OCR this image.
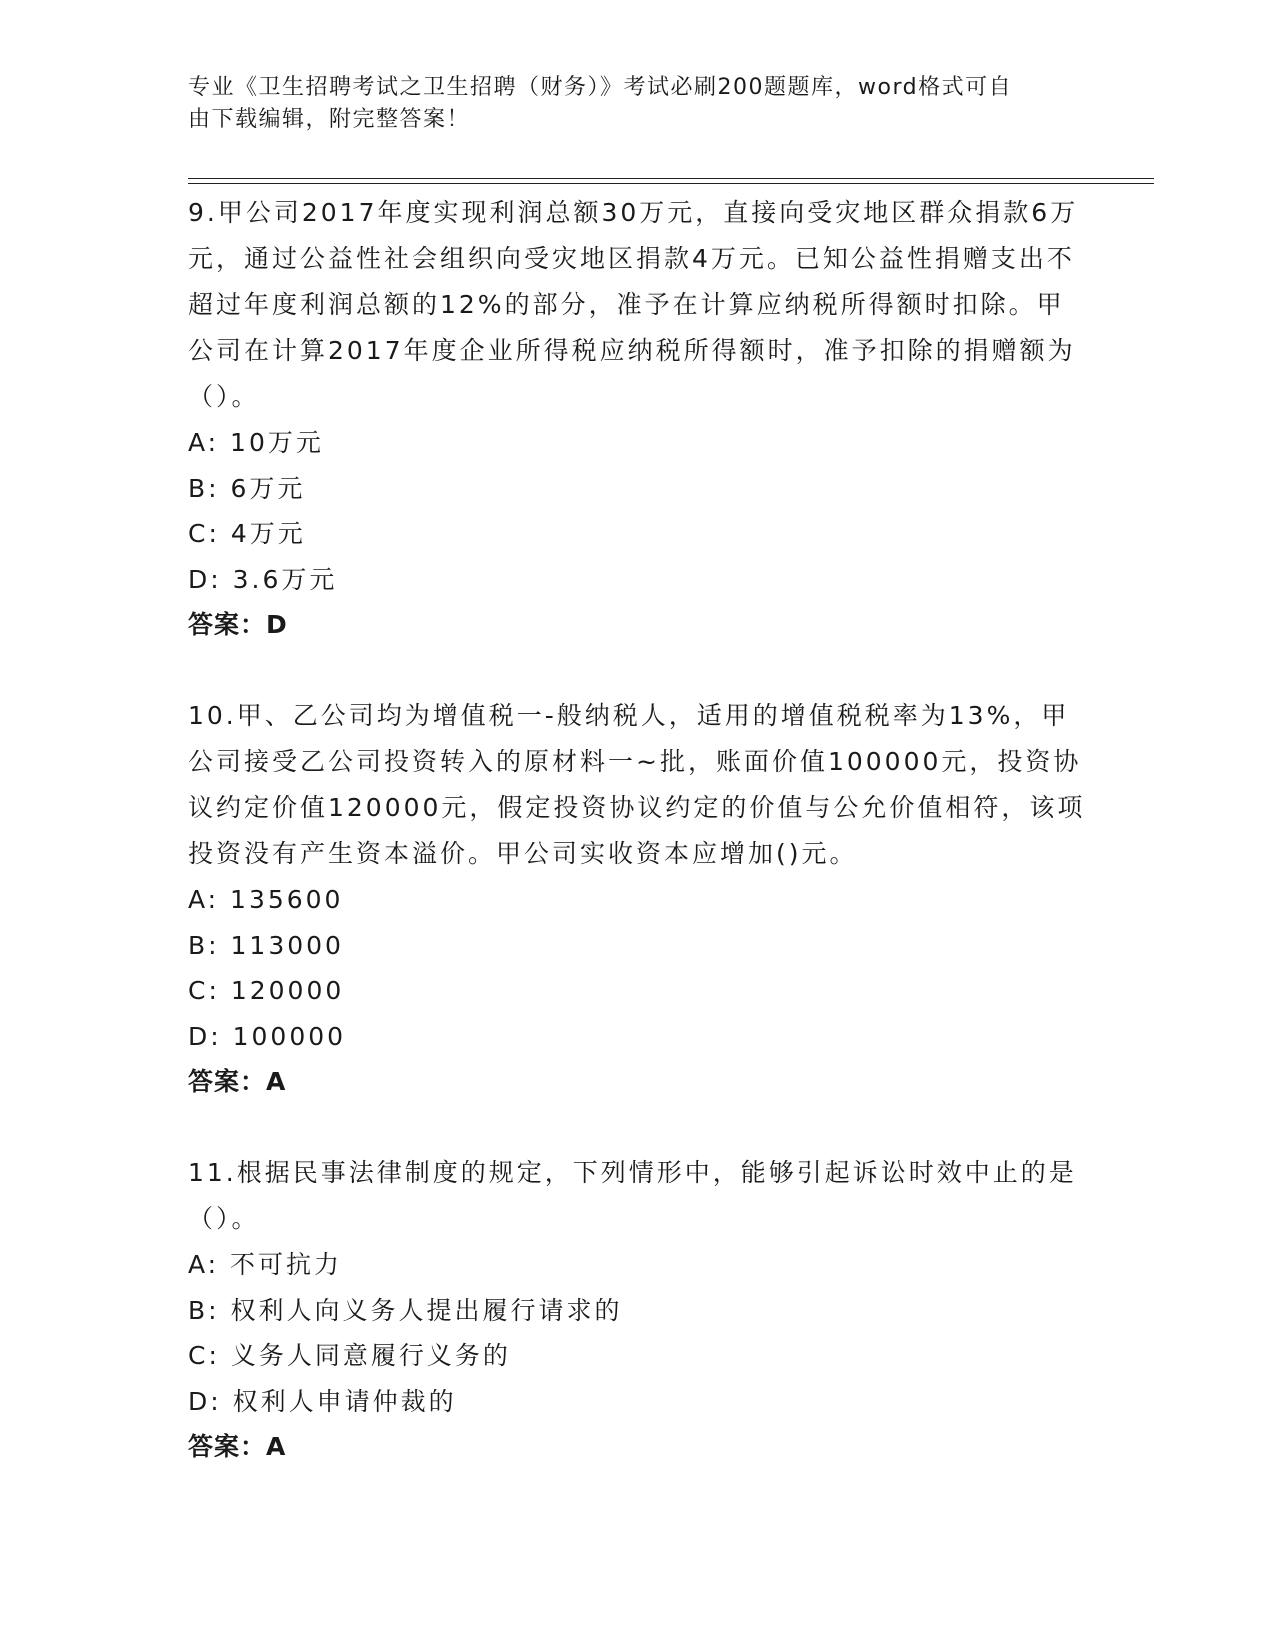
专业《卫生招聘考试之卫生招聘（财务）》考试必刷200题题库，word格式可自
由下载编辑，附完整答案！
9.甲公司2017年度实现利润总额30万元，直接向受灾地区群众捐款6万元，通过公益性社会组织向受灾地区捐款4万元。已知公益性捐赠支出不超过年度利润总额的12%的部分，准予在计算应纳税所得额时扣除。甲公司在计算2017年度企业所得税应纳税所得额时，准予扣除的捐赠额为（）。
A: 10万元
B: 6万元
C: 4万元
D: 3.6万元
答案：D
10.甲、乙公司均为增值税一-般纳税人，适用的增值税税率为13%，甲公司接受乙公司投资转入的原材料一~批，账面价值100000元，投资协议约定价值120000元，假定投资协议约定的价值与公允价值相符，该项投资没有产生资本溢价。甲公司实收资本应增加()元。
A: 135600
B: 113000
C: 120000
D: 100000
答案：A
11.根据民事法律制度的规定，下列情形中，能够引起诉讼时效中止的是（）。
A: 不可抗力
B: 权利人向义务人提出履行请求的
C: 义务人同意履行义务的
D: 权利人申请仲裁的
答案：A
